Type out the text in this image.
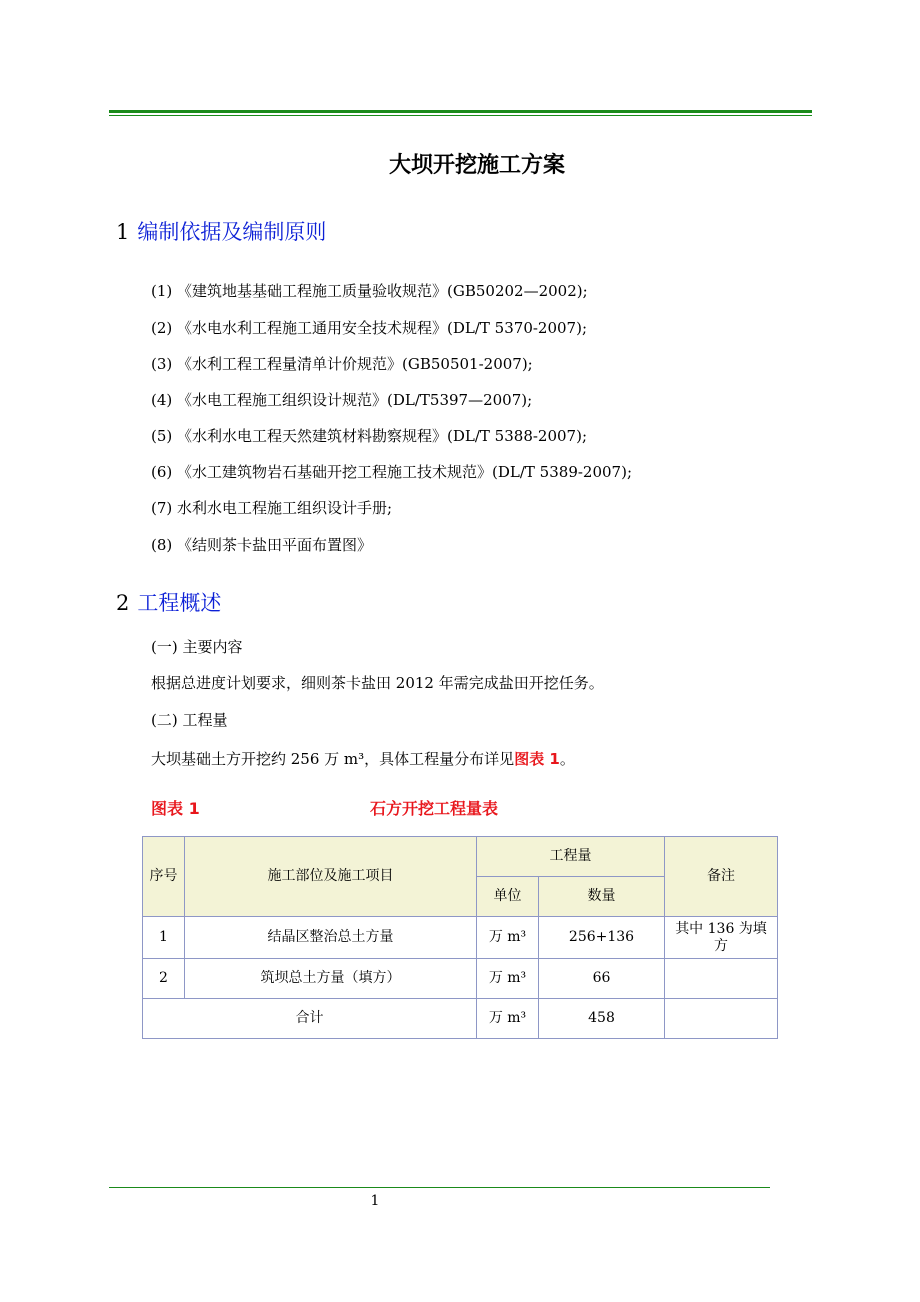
大坝开挖施工方案
1 编制依据及编制原则
(1) 《建筑地基基础工程施工质量验收规范》(GB50202—2002);
(2) 《水电水利工程施工通用安全技术规程》(DL/T 5370-2007);
(3) 《水利工程工程量清单计价规范》(GB50501-2007);
(4) 《水电工程施工组织设计规范》(DL/T5397—2007);
(5) 《水利水电工程天然建筑材料勘察规程》(DL/T 5388-2007);
(6) 《水工建筑物岩石基础开挖工程施工技术规范》(DL/T 5389-2007);
(7) 水利水电工程施工组织设计手册;
(8) 《结则茶卡盐田平面布置图》
2 工程概述
(一) 主要内容
根据总进度计划要求，细则茶卡盐田 2012 年需完成盐田开挖任务。
(二) 工程量
大坝基础土方开挖约 256 万 m³，具体工程量分布详见图表 1。
图表 1	石方开挖工程量表
序号	施工部位及施工项目	工程量		备注
		单位	数量	
1	结晶区整治总土方量	万 m³	256+136	其中 136 为填方
2	筑坝总土方量（填方）	万 m³	66	
合计		万 m³	458	
1
